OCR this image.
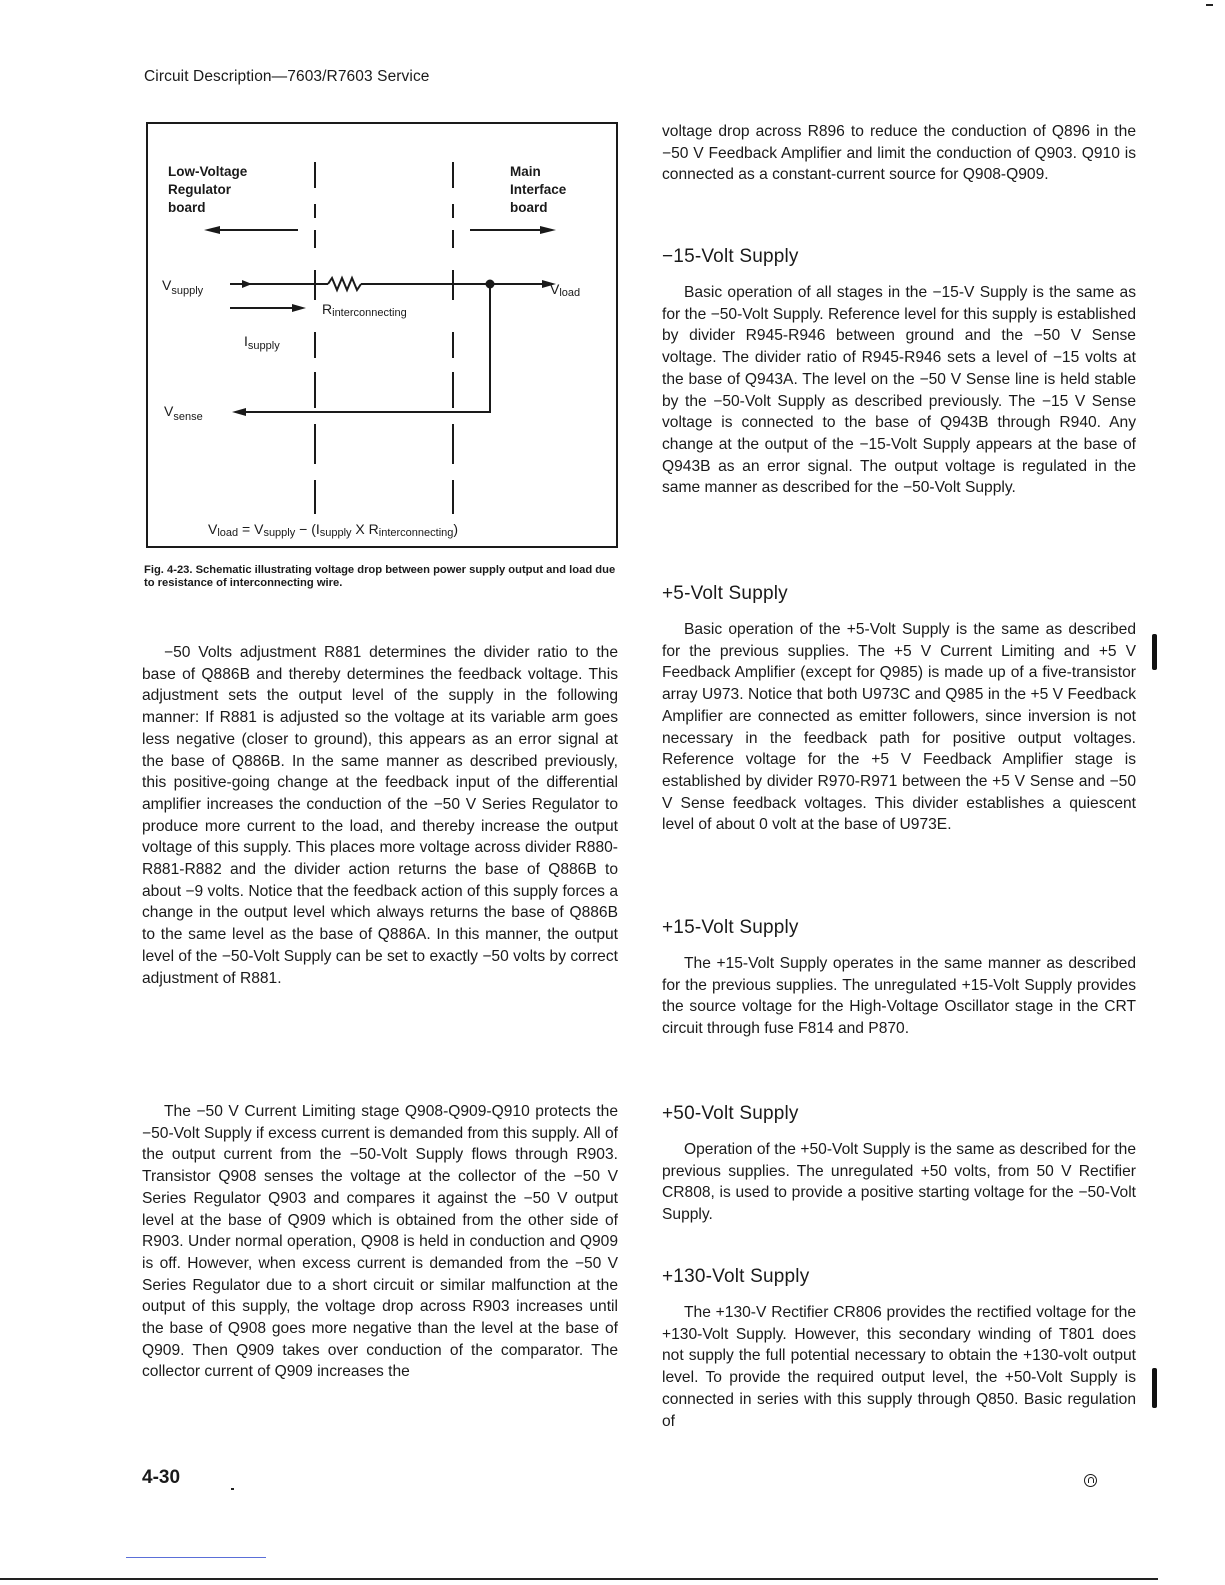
Circuit Description—7603/R7603 Service
Low-Voltage Regulator board
Main Interface board
$V_{supply}$	Vload
$V_{sense}$
$I_{supply}$
Rinterconnecting
Vload = Vsupply − (Isupply X Rinterconnecting)
Fig. 4-23. Schematic illustrating voltage drop between power supply output and load due to resistance of interconnecting wire.

−50 Volts adjustment R881 determines the divider ratio to the base of Q886B and thereby determines the feedback voltage. This adjustment sets the output level of the supply in the following manner: If R881 is adjusted so the voltage at its variable arm goes less negative (closer to ground), this appears as an error signal at the base of Q886B. In the same manner as described previously, this positive-going change at the feedback input of the differential amplifier increases the conduction of the −50 V Series Regulator to produce more current to the load, and thereby increase the output voltage of this supply. This places more voltage across divider R880-R881-R882 and the divider action returns the base of Q886B to about −9 volts. Notice that the feedback action of this supply forces a change in the output level which always returns the base of Q886B to the same level as the base of Q886A. In this manner, the output level of the −50-Volt Supply can be set to exactly −50 volts by correct adjustment of R881.

The −50 V Current Limiting stage Q908-Q909-Q910 protects the −50-Volt Supply if excess current is demanded from this supply. All of the output current from the −50-Volt Supply flows through R903. Transistor Q908 senses the voltage at the collector of the −50 V Series Regulator Q903 and compares it against the −50 V output level at the base of Q909 which is obtained from the other side of R903. Under normal operation, Q908 is held in conduction and Q909 is off. However, when excess current is demanded from the −50 V Series Regulator due to a short circuit or similar malfunction at the output of this supply, the voltage drop across R903 increases until the base of Q908 goes more negative than the level at the base of Q909. Then Q909 takes over conduction of the comparator. The collector current of Q909 increases the

voltage drop across R896 to reduce the conduction of Q896 in the −50 V Feedback Amplifier and limit the conduction of Q903. Q910 is connected as a constant-current source for Q908-Q909.

−15-Volt Supply

Basic operation of all stages in the −15-V Supply is the same as for the −50-Volt Supply. Reference level for this supply is established by divider R945-R946 between ground and the −50 V Sense voltage. The divider ratio of R945-R946 sets a level of −15 volts at the base of Q943A. The level on the −50 V Sense line is held stable by the −50-Volt Supply as described previously. The −15 V Sense voltage is connected to the base of Q943B through R940. Any change at the output of the −15-Volt Supply appears at the base of Q943B as an error signal. The output voltage is regulated in the same manner as described for the −50-Volt Supply.

+5-Volt Supply

Basic operation of the +5-Volt Supply is the same as described for the previous supplies. The +5 V Current Limiting and +5 V Feedback Amplifier (except for Q985) is made up of a five-transistor array U973. Notice that both U973C and Q985 in the +5 V Feedback Amplifier are connected as emitter followers, since inversion is not necessary in the feedback path for positive output voltages. Reference voltage for the +5 V Feedback Amplifier stage is established by divider R970-R971 between the +5 V Sense and −50 V Sense feedback voltages. This divider establishes a quiescent level of about 0 volt at the base of U973E.

+15-Volt Supply

The +15-Volt Supply operates in the same manner as described for the previous supplies. The unregulated +15-Volt Supply provides the source voltage for the High-Voltage Oscillator stage in the CRT circuit through fuse F814 and P870.

+50-Volt Supply

Operation of the +50-Volt Supply is the same as described for the previous supplies. The unregulated +50 volts, from 50 V Rectifier CR808, is used to provide a positive starting voltage for the −50-Volt Supply.

+130-Volt Supply

The +130-V Rectifier CR806 provides the rectified voltage for the +130-Volt Supply. However, this secondary winding of T801 does not supply the full potential necessary to obtain the +130-volt output level. To provide the required output level, the +50-Volt Supply is connected in series with this supply through Q850. Basic regulation of

4-30
